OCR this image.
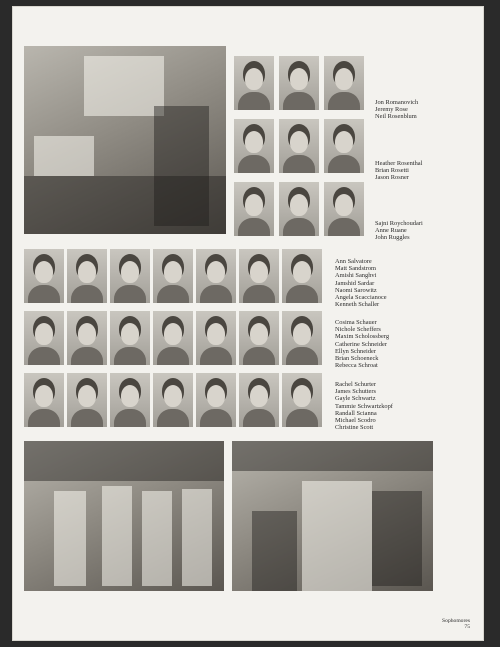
Jon Romanovich
Jeremy Rose
Neil Rosenblum
Heather Rosenthal
Brian Rosetti
Jason Rosner
Sajni Roychoudari
Anne Ruane
John Ruggles
Ann Salvatore
Matt Sandstrom
Amishi Sanghvi
Jamshid Sardar
Naomi Sarowitz
Angela Scaccianoce
Kenneth Schaller
Cosima Schauer
Nichole Scheffers
Maxim Scholossberg
Catherine Schneider
Ellyn Schneider
Brian Schoeneck
Rebecca Schroat
Rachel Schurter
James Schutters
Gayle Schwartz
Tammie Schwartzkopf
Randall Scianna
Michael Scodro
Christine Scott
Sophomores
75
